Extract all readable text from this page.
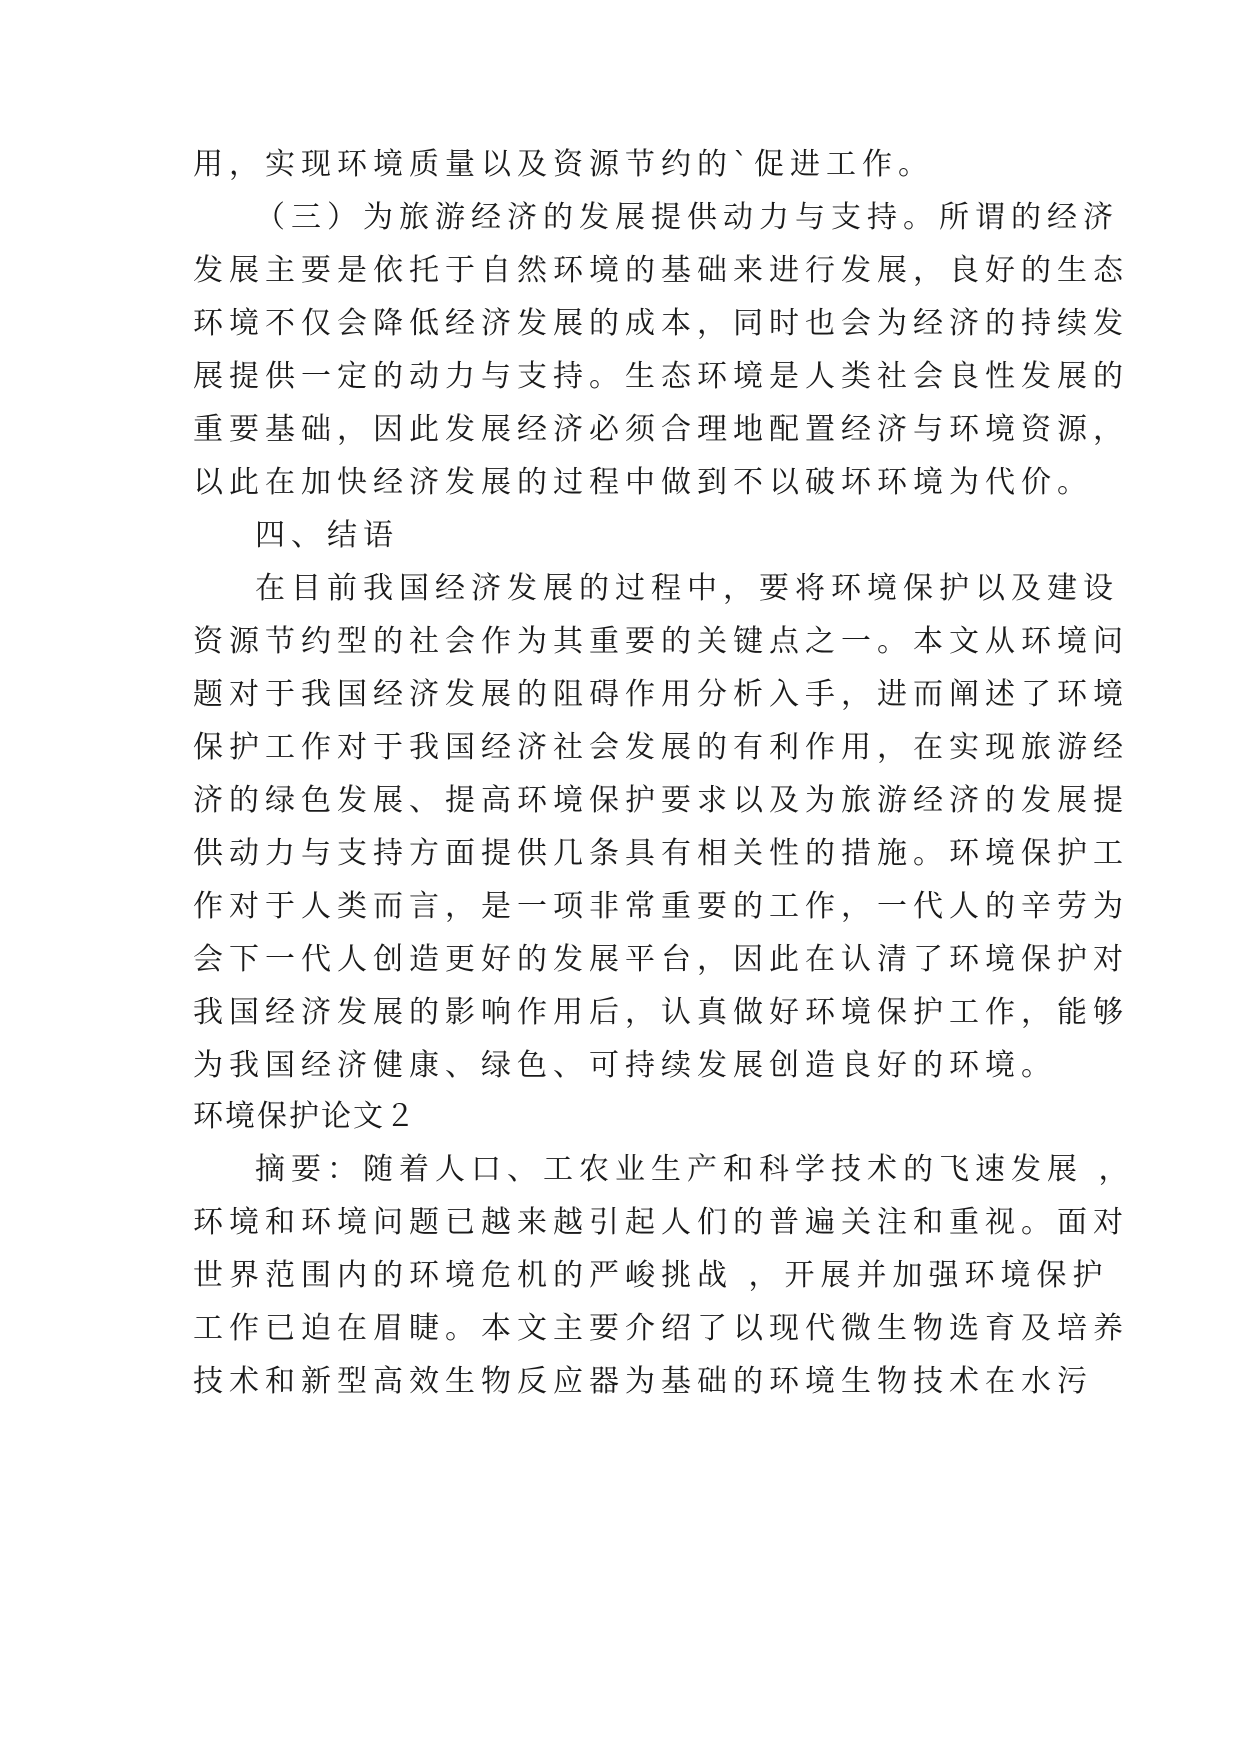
用，实现环境质量以及资源节约的`促进工作。
（三）为旅游经济的发展提供动力与支持。所谓的经济
发展主要是依托于自然环境的基础来进行发展，良好的生态
环境不仅会降低经济发展的成本，同时也会为经济的持续发
展提供一定的动力与支持。生态环境是人类社会良性发展的
重要基础，因此发展经济必须合理地配置经济与环境资源，
以此在加快经济发展的过程中做到不以破坏环境为代价。
四、结语
在目前我国经济发展的过程中，要将环境保护以及建设
资源节约型的社会作为其重要的关键点之一。本文从环境问
题对于我国经济发展的阻碍作用分析入手，进而阐述了环境
保护工作对于我国经济社会发展的有利作用，在实现旅游经
济的绿色发展、提高环境保护要求以及为旅游经济的发展提
供动力与支持方面提供几条具有相关性的措施。环境保护工
作对于人类而言，是一项非常重要的工作，一代人的辛劳为
会下一代人创造更好的发展平台，因此在认清了环境保护对
我国经济发展的影响作用后，认真做好环境保护工作，能够
为我国经济健康、绿色、可持续发展创造良好的环境。
环境保护论文２
摘要：随着人口、工农业生产和科学技术的飞速发展 ，
环境和环境问题已越来越引起人们的普遍关注和重视。面对
世界范围内的环境危机的严峻挑战 ，开展并加强环境保护
工作已迫在眉睫。本文主要介绍了以现代微生物选育及培养
技术和新型高效生物反应器为基础的环境生物技术在水污
